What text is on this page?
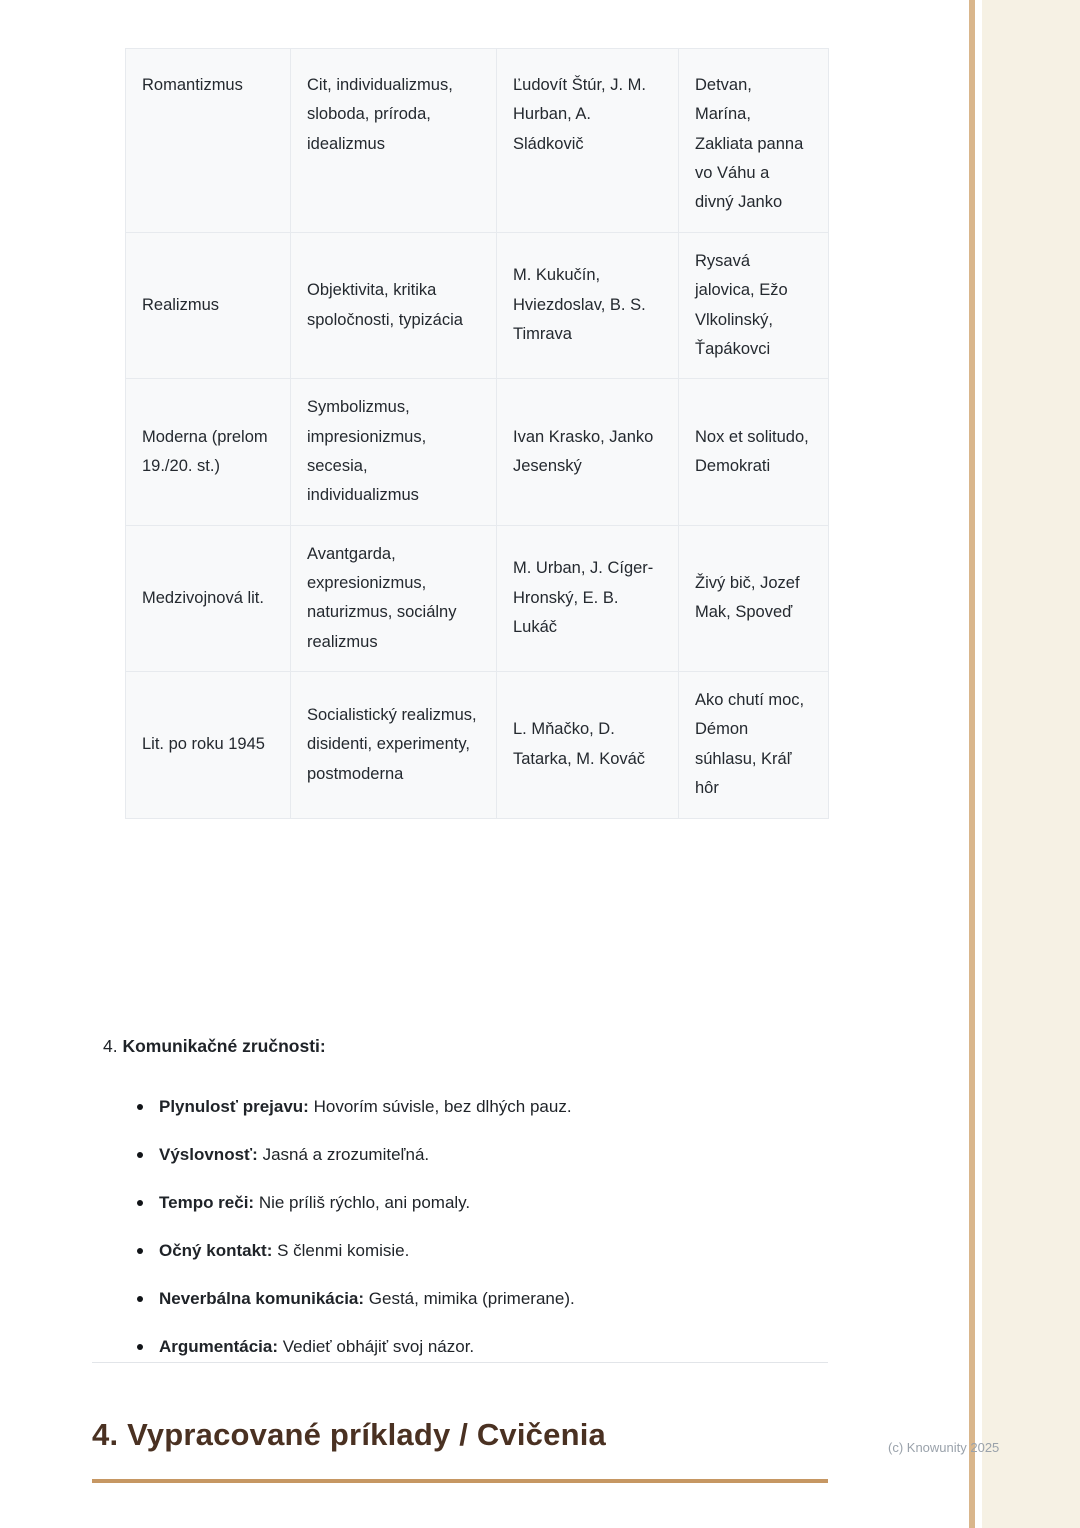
(c) Knowunity 2025
Romantizmus	Cit, individualizmus, sloboda, príroda, idealizmus	Ľudovít Štúr, J. M. Hurban, A. Sládkovič	Detvan, Marína, Zakliata panna vo Váhu a divný Janko
Realizmus	Objektivita, kritika spoločnosti, typizácia	M. Kukučín, Hviezdoslav, B. S. Timrava	Rysavá jalovica, Ežo Vlkolinský, Ťapákovci
Moderna (prelom 19./20. st.)	Symbolizmus, impresionizmus, secesia, individualizmus	Ivan Krasko, Janko Jesenský	Nox et solitudo, Demokrati
Medzivojnová lit.	Avantgarda, expresionizmus, naturizmus, sociálny realizmus	M. Urban, J. Cíger-Hronský, E. B. Lukáč	Živý bič, Jozef Mak, Spoveď
Lit. po roku 1945	Socialistický realizmus, disidenti, experimenty, postmoderna	L. Mňačko, D. Tatarka, M. Kováč	Ako chutí moc, Démon súhlasu, Kráľ hôr
4. Komunikačné zručnosti:
Plynulosť prejavu: Hovorím súvisle, bez dlhých pauz.
Výslovnosť: Jasná a zrozumiteľná.
Tempo reči: Nie príliš rýchlo, ani pomaly.
Očný kontakt: S členmi komisie.
Neverbálna komunikácia: Gestá, mimika (primerane).
Argumentácia: Vedieť obhájiť svoj názor.
4. Vypracované príklady / Cvičenia
